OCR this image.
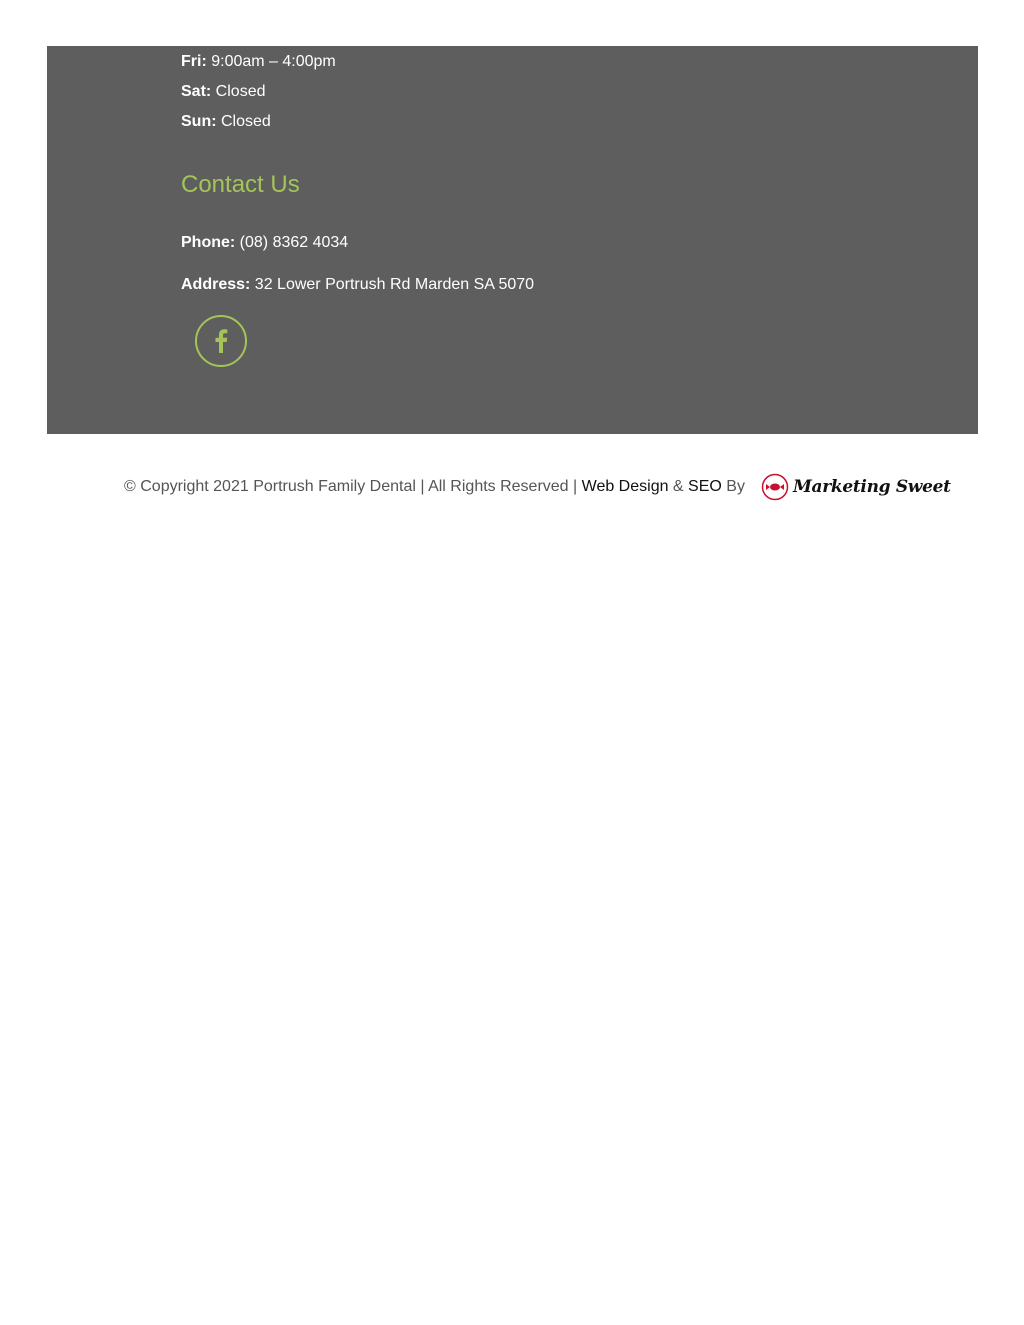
Fri: 9:00am – 4:00pm
Sat: Closed
Sun: Closed
Contact Us
Phone: (08) 8362 4034
Address: 32 Lower Portrush Rd Marden SA 5070
© Copyright 2021 Portrush Family Dental | All Rights Reserved | Web Design & SEO By	Marketing Sweet
